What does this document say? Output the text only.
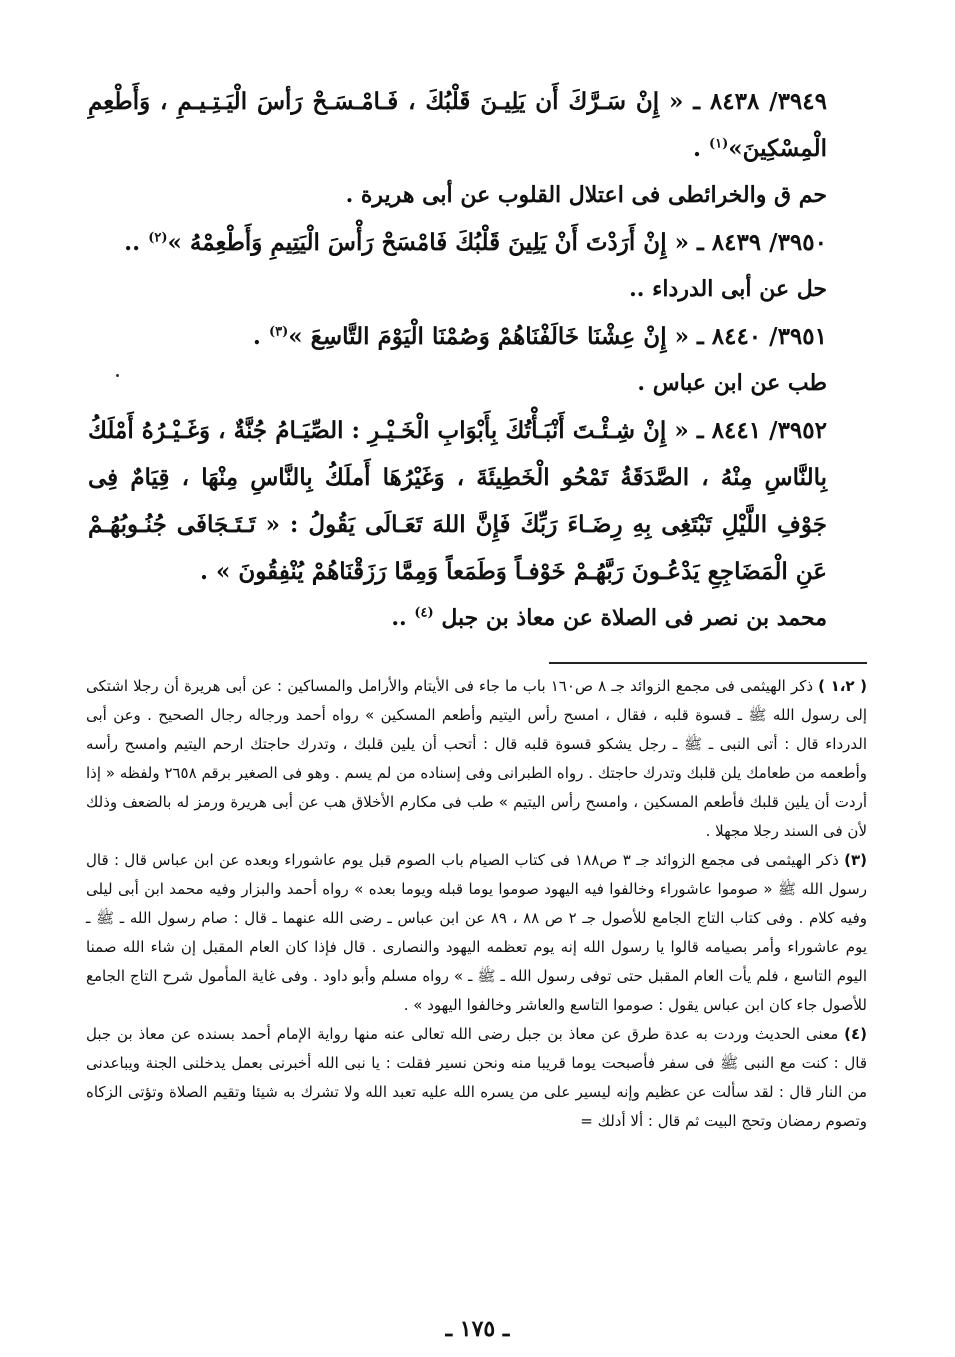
٣٩٤٩/ ٨٤٣٨ ـ « إِنْ سَـرَّكَ أَن يَلِيـنَ قَلْبُكَ ، فَـامْـسَـحْ رَأسَ الْيَـتِـيـمِ ، وَأَطْعِمِ الْمِسْكِينَ»$^{(١)}$ .

حم ق والخرائطى فى اعتلال القلوب عن أبى هريرة .

٣٩٥٠/ ٨٤٣٩ ـ « إِنْ أَرَدْتَ أَنْ يَلِينَ قَلْبُكَ فَامْسَحْ رَأْسَ الْيَتِيمِ وَأَطْعِمْهُ »$^{(٢)}$ ..

حل عن أبى الدرداء ..

٣٩٥١/ ٨٤٤٠ ـ « إِنْ عِشْنَا خَالَفْنَاهُمْ وَصُمْنَا الْيَوْمَ التَّاسِعَ »$^{(٣)}$ .

طب عن ابن عباس .

٣٩٥٢/ ٨٤٤١ ـ « إِنْ شِـئْـتَ أَنْبَـأْتُكَ بِأَبْوَابِ الْخَـيْـرِ : الصِّيَـامُ جُنَّةٌ ، وَغَـيْـرُهُ أَمْلَكُ بِالنَّاسِ مِنْهُ ، الصَّدَقَةُ تَمْحُو الْخَطِيئَةَ ، وَغَيْرُهَا أَملَكُ بِالنَّاسِ مِنْهَا ، قِيَامٌ فِى جَوْفِ اللَّيْلِ تَبْتَغِى بِهِ رِضَـاءَ رَبِّكَ فَإِنَّ اللهَ تَعَـالَى يَقُولُ : « تَـتَـجَافَى جُنُـوبُهُـمْ عَنِ الْمَضَاجِعِ يَدْعُـونَ رَبَّهُـمْ خَوْفـاً وَطَمَعاً وَمِمَّا رَزَقْنَاهُمْ يُنْفِقُونَ » .

محمد بن نصر فى الصلاة عن معاذ بن جبل $^{(٤)}$ ..

( ١،٢ ) ذكر الهيثمى فى مجمع الزوائد جـ ٨ ص١٦٠ باب ما جاء فى الأيتام والأرامل والمساكين : عن أبى هريرة أن رجلا اشتكى إلى رسول الله ﷺ ـ قسوة قلبه ، فقال ، امسح رأس اليتيم وأطعم المسكين » رواه أحمد ورجاله رجال الصحيح . وعن أبى الدرداء قال : أتى النبى ـ ﷺ ـ رجل يشكو قسوة قلبه قال : أتحب أن يلين قلبك ، وتدرك حاجتك ارحم اليتيم وامسح رأسه وأطعمه من طعامك يلن قلبك وتدرك حاجتك . رواه الطبرانى وفى إسناده من لم يسم . وهو فى الصغير برقم ٢٦٥٨ ولفظه « إذا أردت أن يلين قلبك فأطعم المسكين ، وامسح رأس اليتيم » طب فى مكارم الأخلاق هب عن أبى هريرة ورمز له بالضعف وذلك لأن فى السند رجلا مجهلا .

(٣) ذكر الهيثمى فى مجمع الزوائد جـ ٣ ص١٨٨ فى كتاب الصيام باب الصوم قبل يوم عاشوراء وبعده عن ابن عباس قال : قال رسول الله ﷺ « صوموا عاشوراء وخالفوا فيه اليهود صوموا يوما قبله ويوما بعده » رواه أحمد والبزار وفيه محمد ابن أبى ليلى وفيه كلام . وفى كتاب التاج الجامع للأصول جـ ٢ ص ٨٨ ، ٨٩ عن ابن عباس ـ رضى الله عنهما ـ قال : صام رسول الله ـ ﷺ ـ يوم عاشوراء وأمر بصيامه قالوا يا رسول الله إنه يوم تعظمه اليهود والنصارى . قال فإذا كان العام المقبل إن شاء الله صمنا اليوم التاسع ، فلم يأت العام المقبل حتى توفى رسول الله ـ ﷺ ـ » رواه مسلم وأبو داود . وفى غاية المأمول شرح التاج الجامع للأصول جاء كان ابن عباس يقول : صوموا التاسع والعاشر وخالفوا اليهود » .

(٤) معنى الحديث وردت به عدة طرق عن معاذ بن جبل رضى الله تعالى عنه منها رواية الإمام أحمد بسنده عن معاذ بن جبل قال : كنت مع النبى ﷺ فى سفر فأصبحت يوما قريبا منه ونحن نسير فقلت : يا نبى الله أخبرنى بعمل يدخلنى الجنة ويباعدنى من النار قال : لقد سألت عن عظيم وإنه ليسير على من يسره الله عليه تعبد الله ولا تشرك به شيئا وتقيم الصلاة وتؤتى الزكاه وتصوم رمضان وتحج البيت ثم قال : ألا أدلك =

ـ ١٧٥ ـ
